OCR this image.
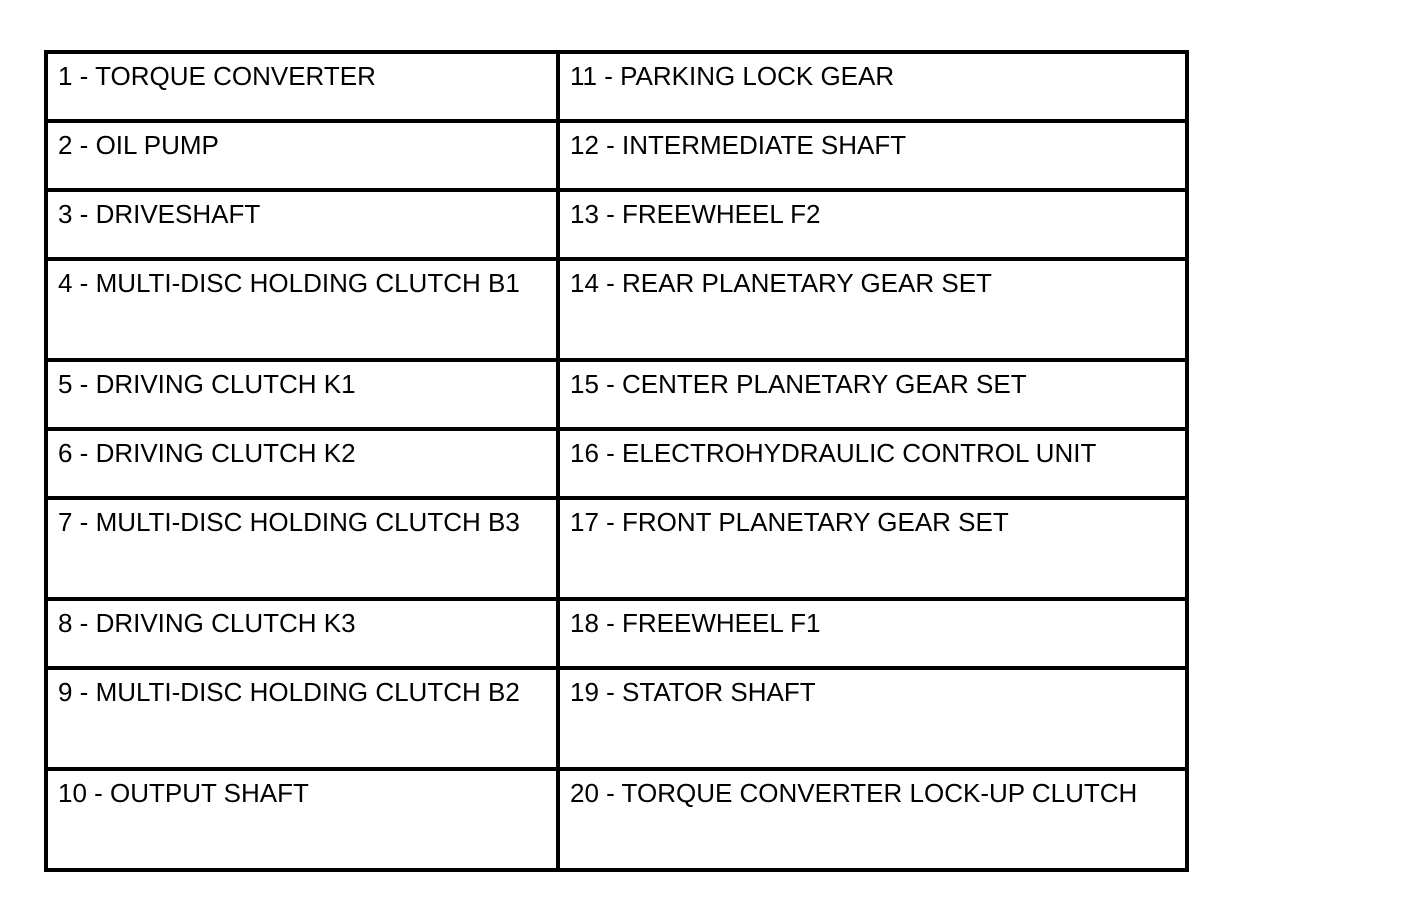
1 - TORQUE CONVERTER	11 - PARKING LOCK GEAR
2 - OIL PUMP	12 - INTERMEDIATE SHAFT
3 - DRIVESHAFT	13 - FREEWHEEL F2
4 - MULTI-DISC HOLDING CLUTCH B1	14 - REAR PLANETARY GEAR SET
5 - DRIVING CLUTCH K1	15 - CENTER PLANETARY GEAR SET
6 - DRIVING CLUTCH K2	16 - ELECTROHYDRAULIC CONTROL UNIT
7 - MULTI-DISC HOLDING CLUTCH B3	17 - FRONT PLANETARY GEAR SET
8 - DRIVING CLUTCH K3	18 - FREEWHEEL F1
9 - MULTI-DISC HOLDING CLUTCH B2	19 - STATOR SHAFT
10 - OUTPUT SHAFT	20 - TORQUE CONVERTER LOCK-UP CLUTCH
